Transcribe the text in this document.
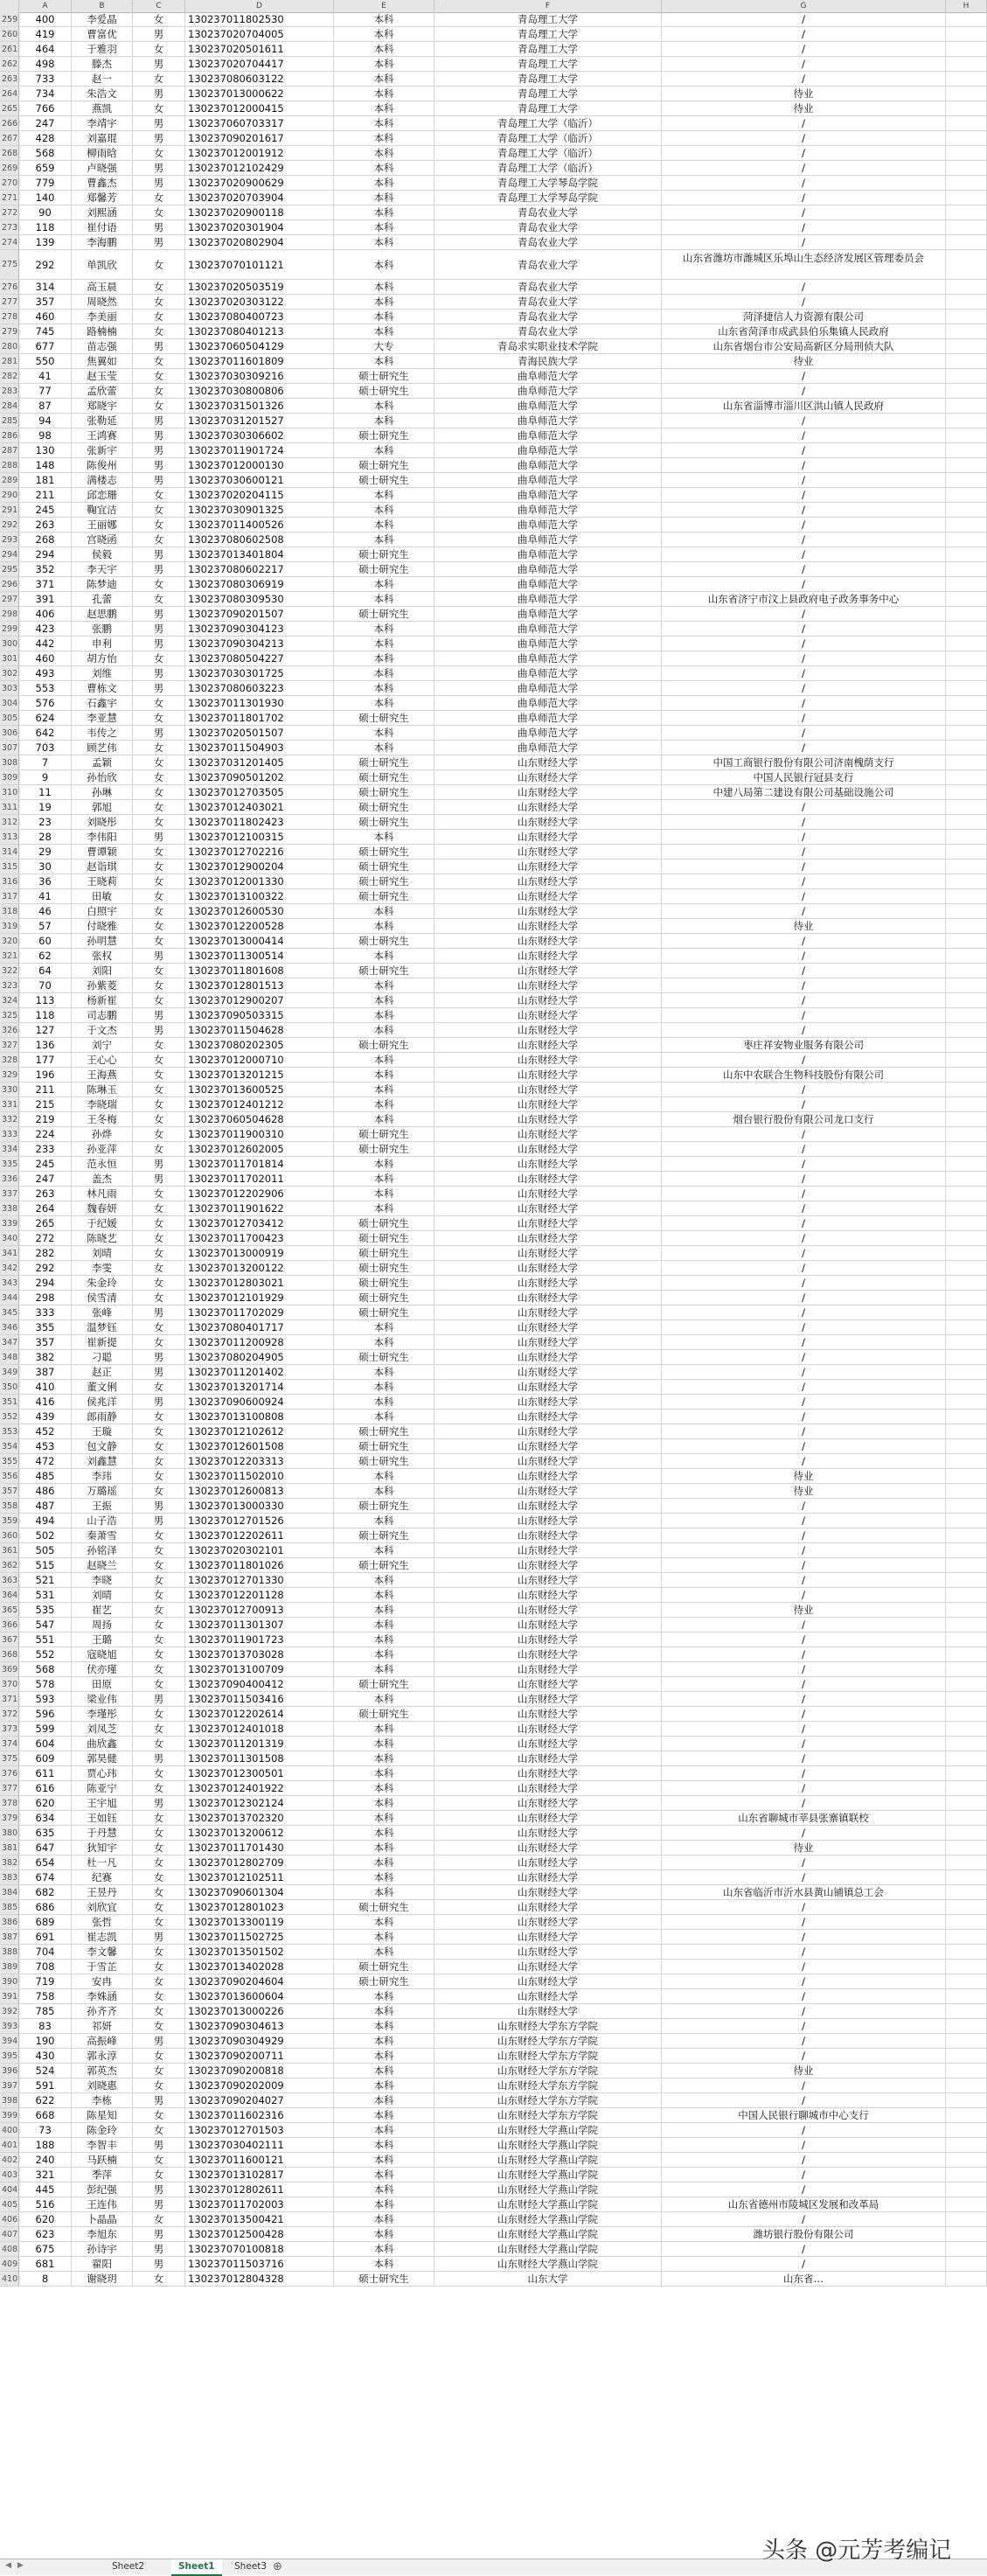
A	B	C	D	E	F	G	H
259	400	李爱晶	女	130237011802530	本科	青岛理工大学	/
260	419	曹富优	男	130237020704005	本科	青岛理工大学	/
261	464	于雅羽	女	130237020501611	本科	青岛理工大学	/
262	498	滕杰	男	130237020704417	本科	青岛理工大学	/
263	733	赵一	女	130237080603122	本科	青岛理工大学	/
264	734	朱浩文	男	130237013000622	本科	青岛理工大学	待业
265	766	燕凯	女	130237012000415	本科	青岛理工大学	待业
266	247	李靖宇	男	130237060703317	本科	青岛理工大学（临沂）	/
267	428	刘嘉琨	男	130237090201617	本科	青岛理工大学（临沂）	/
268	568	柳雨晗	女	130237012001912	本科	青岛理工大学（临沂）	/
269	659	卢晓强	男	130237012102429	本科	青岛理工大学（临沂）	/
270	779	曹鑫杰	男	130237020900629	本科	青岛理工大学琴岛学院	/
271	140	郑馨芳	女	130237020703904	本科	青岛理工大学琴岛学院	/
272	90	刘熙涵	女	130237020900118	本科	青岛农业大学	/
273	118	崔付语	男	130237020301904	本科	青岛农业大学	/
274	139	李海鹏	男	130237020802904	本科	青岛农业大学	/
275	292	单凯欣	女	130237070101121	本科	青岛农业大学
山东省潍坊市潍城区乐埠山生态经济发展区管理委员会
276	314	高玉晨	女	130237020503519	本科	青岛农业大学	/
277	357	周晓然	女	130237020303122	本科	青岛农业大学	/
278	460	李美丽	女	130237080400723	本科	青岛农业大学	菏泽捷信人力资源有限公司
279	745	路楠楠	女	130237080401213	本科	青岛农业大学	山东省菏泽市成武县伯乐集镇人民政府
280	677	苗志强	男	130237060504129	大专	青岛求实职业技术学院	山东省烟台市公安局高新区分局刑侦大队
281	550	焦翼如	女	130237011601809	本科	青海民族大学	待业
282	41	赵玉莹	女	130237030309216	硕士研究生	曲阜师范大学	/
283	77	孟欣蕾	女	130237030800806	硕士研究生	曲阜师范大学	/
284	87	郑晓宇	女	130237031501326	本科	曲阜师范大学	山东省淄博市淄川区洪山镇人民政府
285	94	张勒延	男	130237031201527	本科	曲阜师范大学	/
286	98	王鸿赛	男	130237030306602	硕士研究生	曲阜师范大学	/
287	130	张新宇	男	130237011901724	本科	曲阜师范大学	/
288	148	陈俊州	男	130237012000130	硕士研究生	曲阜师范大学	/
289	181	满楼志	男	130237030600121	硕士研究生	曲阜师范大学	/
290	211	邱恋珊	女	130237020204115	本科	曲阜师范大学	/
291	245	鞠宜洁	女	130237030901325	本科	曲阜师范大学	/
292	263	王丽娜	女	130237011400526	本科	曲阜师范大学	/
293	268	宫晓函	女	130237080602508	本科	曲阜师范大学	/
294	294	侯毅	男	130237013401804	硕士研究生	曲阜师范大学	/
295	352	李天宇	男	130237080602217	硕士研究生	曲阜师范大学	/
296	371	陈梦迪	女	130237080306919	本科	曲阜师范大学	/
297	391	孔蕾	女	130237080309530	本科	曲阜师范大学	山东省济宁市汶上县政府电子政务事务中心
298	406	赵思鹏	男	130237090201507	硕士研究生	曲阜师范大学	/
299	423	张鹏	男	130237090304123	本科	曲阜师范大学	/
300	442	申利	男	130237090304213	本科	曲阜师范大学	/
301	460	胡方怡	女	130237080504227	本科	曲阜师范大学	/
302	493	刘维	男	130237030301725	本科	曲阜师范大学	/
303	553	曹栋文	男	130237080603223	本科	曲阜师范大学	/
304	576	石鑫宇	女	130237011301930	本科	曲阜师范大学	/
305	624	李亚慧	女	130237011801702	硕士研究生	曲阜师范大学	/
306	642	韦传之	男	130237020501507	本科	曲阜师范大学	/
307	703	顾艺伟	女	130237011504903	本科	曲阜师范大学	/
308	7	孟颖	女	130237031201405	硕士研究生	山东财经大学	中国工商银行股份有限公司济南槐荫支行
309	9	孙怡欣	女	130237090501202	硕士研究生	山东财经大学	中国人民银行冠县支行
310	11	孙琳	女	130237012703505	硕士研究生	山东财经大学	中建八局第二建设有限公司基础设施公司
311	19	郭旭	女	130237012403021	硕士研究生	山东财经大学	/
312	23	刘晓彤	女	130237011802423	硕士研究生	山东财经大学	/
313	28	李伟阳	男	130237012100315	本科	山东财经大学	/
314	29	曹谭颖	女	130237012702216	硕士研究生	山东财经大学	/
315	30	赵诣琪	女	130237012900204	硕士研究生	山东财经大学	/
316	36	王晓莉	女	130237012001330	硕士研究生	山东财经大学	/
317	41	田敏	女	130237013100322	硕士研究生	山东财经大学	/
318	46	白照宇	女	130237012600530	本科	山东财经大学	/
319	57	付晓雅	女	130237012200528	本科	山东财经大学	待业
320	60	孙明慧	女	130237013000414	硕士研究生	山东财经大学	/
321	62	张权	男	130237011300514	本科	山东财经大学	/
322	64	刘阳	女	130237011801608	硕士研究生	山东财经大学	/
323	70	孙紫菱	女	130237012801513	本科	山东财经大学	/
324	113	杨新崔	女	130237012900207	本科	山东财经大学	/
325	118	司志鹏	男	130237090503315	本科	山东财经大学	/
326	127	于文杰	男	130237011504628	本科	山东财经大学	/
327	136	刘宁	女	130237080202305	硕士研究生	山东财经大学	枣庄祥安物业服务有限公司
328	177	王心心	女	130237012000710	本科	山东财经大学	/
329	196	王海燕	女	130237013201215	本科	山东财经大学	山东中农联合生物科技股份有限公司
330	211	陈琳玉	女	130237013600525	本科	山东财经大学	/
331	215	李晓瑞	女	130237012401212	本科	山东财经大学	/
332	219	王冬梅	女	130237060504628	本科	山东财经大学	烟台银行股份有限公司龙口支行
333	224	孙烨	女	130237011900310	硕士研究生	山东财经大学	/
334	233	孙亚萍	女	130237012602005	硕士研究生	山东财经大学	/
335	245	范永恒	男	130237011701814	本科	山东财经大学	/
336	247	盖杰	男	130237011702011	本科	山东财经大学	/
337	263	林凡雨	女	130237012202906	本科	山东财经大学	/
338	264	魏春妍	女	130237011901622	本科	山东财经大学	/
339	265	于纪媛	女	130237012703412	硕士研究生	山东财经大学	/
340	272	陈晓艺	女	130237011700423	硕士研究生	山东财经大学	/
341	282	刘晴	女	130237013000919	硕士研究生	山东财经大学	/
342	292	李雯	女	130237013200122	硕士研究生	山东财经大学	/
343	294	朱金玲	女	130237012803021	硕士研究生	山东财经大学	/
344	298	侯雪清	女	130237012101929	硕士研究生	山东财经大学	/
345	333	张峰	男	130237011702029	硕士研究生	山东财经大学	/
346	355	温梦钰	女	130237080401717	本科	山东财经大学	/
347	357	崔新提	女	130237011200928	本科	山东财经大学	/
348	382	刁聪	男	130237080204905	硕士研究生	山东财经大学	/
349	387	赵正	男	130237011201402	本科	山东财经大学	/
350	410	董文俐	女	130237013201714	本科	山东财经大学	/
351	416	侯兆洋	男	130237090600924	本科	山东财经大学	/
352	439	郎雨静	女	130237013100808	本科	山东财经大学	/
353	452	王璇	女	130237012102612	硕士研究生	山东财经大学	/
354	453	包文静	女	130237012601508	硕士研究生	山东财经大学	/
355	472	刘鑫慧	女	130237012203313	硕士研究生	山东财经大学	/
356	485	李玮	女	130237011502010	本科	山东财经大学	待业
357	486	万璐瑶	女	130237012600813	本科	山东财经大学	待业
358	487	王振	男	130237013000330	硕士研究生	山东财经大学	/
359	494	山子浩	男	130237012701526	本科	山东财经大学	/
360	502	秦萧雪	女	130237012202611	硕士研究生	山东财经大学	/
361	505	孙铭泽	女	130237020302101	本科	山东财经大学	/
362	515	赵晓兰	女	130237011801026	硕士研究生	山东财经大学	/
363	521	李晓	女	130237012701330	本科	山东财经大学	/
364	531	刘晴	女	130237012201128	本科	山东财经大学	/
365	535	崔艺	女	130237012700913	本科	山东财经大学	待业
366	547	周扬	女	130237011301307	本科	山东财经大学	/
367	551	王璐	女	130237011901723	本科	山东财经大学	/
368	552	寇晓旭	女	130237013703028	本科	山东财经大学	/
369	568	伏亦瑾	女	130237013100709	本科	山东财经大学	/
370	578	田原	女	130237090400412	硕士研究生	山东财经大学	/
371	593	梁业伟	男	130237011503416	本科	山东财经大学	/
372	596	李瑾彤	女	130237012202614	硕士研究生	山东财经大学	/
373	599	刘凤芝	女	130237012401018	本科	山东财经大学	/
374	604	曲欣鑫	女	130237011201319	本科	山东财经大学	/
375	609	郭昊健	男	130237011301508	本科	山东财经大学	/
376	611	贾心玮	女	130237012300501	本科	山东财经大学	/
377	616	陈亚宁	女	130237012401922	本科	山东财经大学	/
378	620	王宇旭	男	130237012302124	本科	山东财经大学	/
379	634	王如钰	女	130237013702320	本科	山东财经大学	山东省聊城市莘县张寨镇联校
380	635	于丹慧	女	130237013200612	本科	山东财经大学	/
381	647	狄知宇	女	130237011701430	本科	山东财经大学	待业
382	654	杜一凡	女	130237012802709	本科	山东财经大学	/
383	674	纪赛	女	130237012102511	本科	山东财经大学	/
384	682	王昱丹	女	130237090601304	本科	山东财经大学	山东省临沂市沂水县黄山铺镇总工会
385	686	刘欣宜	女	130237012801023	硕士研究生	山东财经大学	/
386	689	张哲	女	130237013300119	本科	山东财经大学	/
387	691	崔志凯	男	130237011502725	本科	山东财经大学	/
388	704	李文馨	女	130237013501502	本科	山东财经大学	/
389	708	于雪芷	女	130237013402028	硕士研究生	山东财经大学	/
390	719	安冉	女	130237090204604	硕士研究生	山东财经大学	/
391	758	李姝涵	女	130237013600604	本科	山东财经大学	/
392	785	孙齐齐	女	130237013000226	本科	山东财经大学	/
393	83	祁妍	女	130237090304613	本科	山东财经大学东方学院	/
394	190	高振峰	男	130237090304929	本科	山东财经大学东方学院	/
395	430	郭永淳	女	130237090200711	本科	山东财经大学东方学院	/
396	524	郭英杰	女	130237090200818	本科	山东财经大学东方学院	待业
397	591	刘晓惠	女	130237090202009	本科	山东财经大学东方学院	/
398	622	李栋	男	130237090204027	本科	山东财经大学东方学院	/
399	668	陈星知	女	130237011602316	本科	山东财经大学东方学院	中国人民银行聊城市中心支行
400	73	陈金玲	女	130237012701503	本科	山东财经大学燕山学院	/
401	188	李智丰	男	130237030402111	本科	山东财经大学燕山学院	/
402	240	马跃楠	女	130237011600121	本科	山东财经大学燕山学院	/
403	321	季萍	女	130237013102817	本科	山东财经大学燕山学院	/
404	445	彭纪强	男	130237012802611	本科	山东财经大学燕山学院	/
405	516	王连伟	男	130237011702003	本科	山东财经大学燕山学院	山东省德州市陵城区发展和改革局
406	620	卜晶晶	女	130237013500421	本科	山东财经大学燕山学院	/
407	623	李旭东	男	130237012500428	本科	山东财经大学燕山学院	潍坊银行股份有限公司
408	675	孙诗宇	男	130237070100818	本科	山东财经大学燕山学院	/
409	681	翟阳	男	130237011503716	本科	山东财经大学燕山学院	/
410	8	谢晓玥	女	130237012804328	硕士研究生	山东大学	山东省…
◀ ▶	Sheet2	Sheet1	Sheet3 ⊕
头条 @元芳考编记
